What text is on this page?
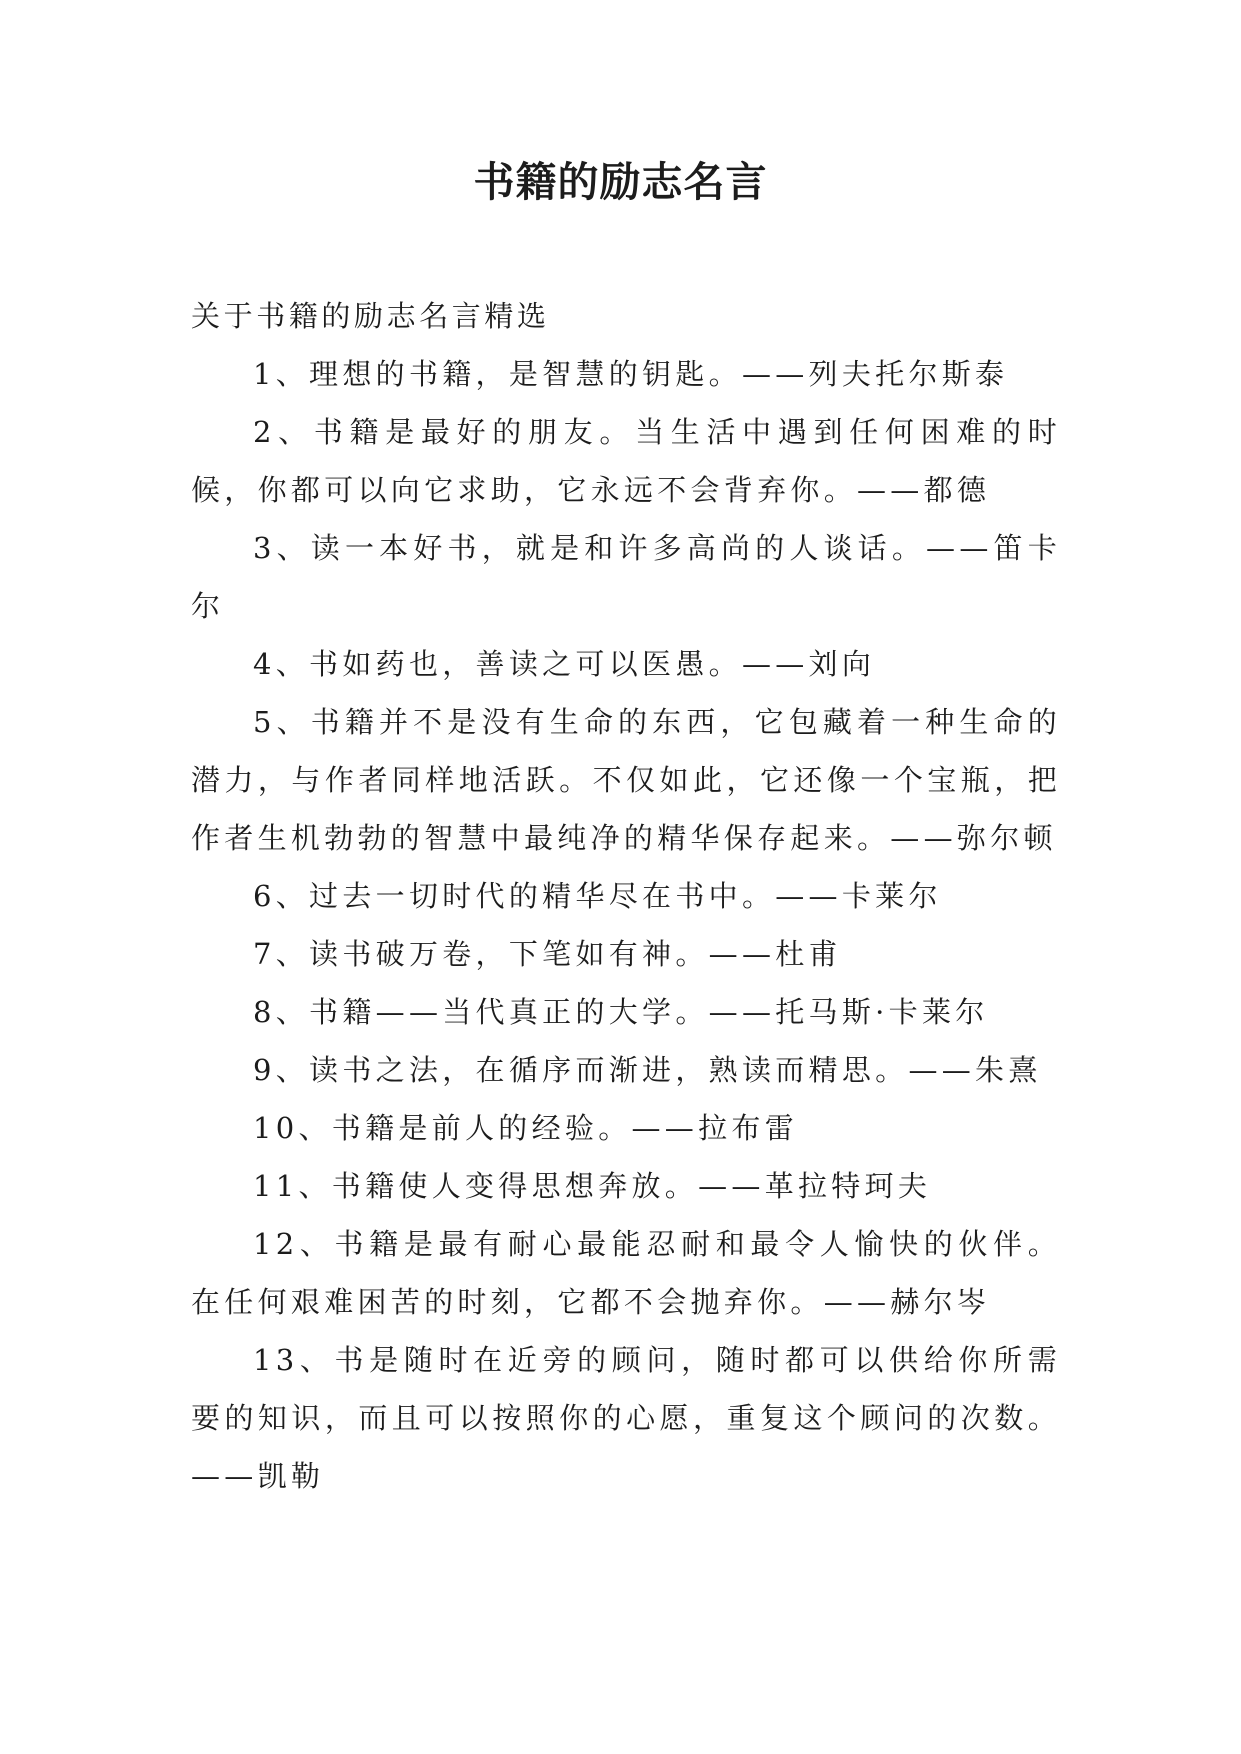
书籍的励志名言

关于书籍的励志名言精选

1、理想的书籍，是智慧的钥匙。——列夫托尔斯泰

2、书籍是最好的朋友。当生活中遇到任何困难的时候，你都可以向它求助，它永远不会背弃你。——都德

3、读一本好书，就是和许多高尚的人谈话。——笛卡尔

4、书如药也，善读之可以医愚。——刘向

5、书籍并不是没有生命的东西，它包藏着一种生命的潜力，与作者同样地活跃。不仅如此，它还像一个宝瓶，把作者生机勃勃的智慧中最纯净的精华保存起来。——弥尔顿

6、过去一切时代的精华尽在书中。——卡莱尔

7、读书破万卷，下笔如有神。——杜甫

8、书籍——当代真正的大学。——托马斯·卡莱尔

9、读书之法，在循序而渐进，熟读而精思。——朱熹

10、书籍是前人的经验。——拉布雷

11、书籍使人变得思想奔放。——革拉特珂夫

12、书籍是最有耐心最能忍耐和最令人愉快的伙伴。在任何艰难困苦的时刻，它都不会抛弃你。——赫尔岑

13、书是随时在近旁的顾问，随时都可以供给你所需要的知识，而且可以按照你的心愿，重复这个顾问的次数。——凯勒
